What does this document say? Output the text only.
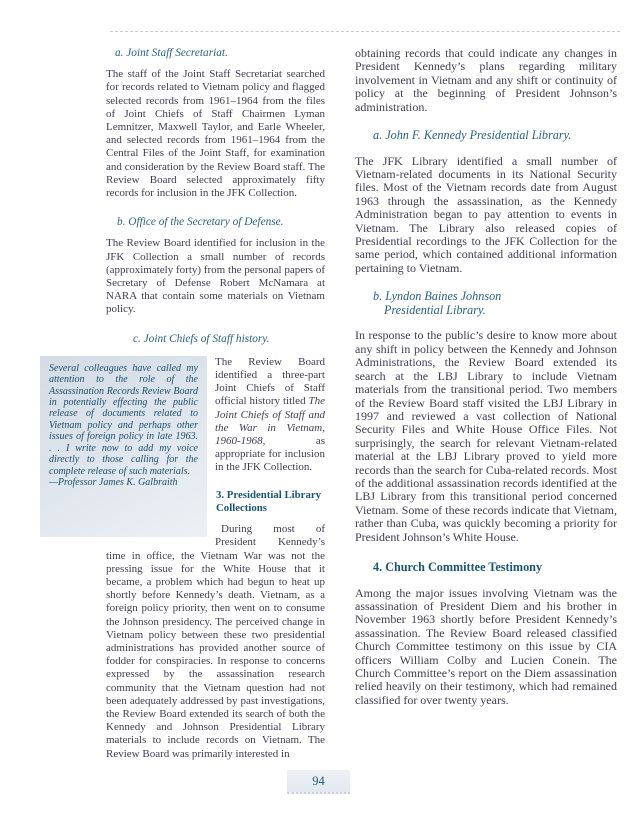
a. Joint Staff Secretariat.

The staff of the Joint Staff Secretariat searched for records related to Vietnam policy and flagged selected records from 1961–1964 from the files of Joint Chiefs of Staff Chairmen Lyman Lemnitzer, Maxwell Taylor, and Earle Wheeler, and selected records from 1961–1964 from the Central Files of the Joint Staff, for examination and consideration by the Review Board staff. The Review Board selected approximately fifty records for inclusion in the JFK Collection.

b. Office of the Secretary of Defense.

The Review Board identified for inclusion in the JFK Collection a small number of records (approximately forty) from the personal papers of Secretary of Defense Robert McNamara at NARA that contain some materials on Vietnam policy.

c. Joint Chiefs of Staff history.

Several colleagues have called my attention to the role of the Assassination Records Review Board in potentially effecting the public release of documents related to Vietnam policy and perhaps other issues of foreign policy in late 1963. . . I write now to add my voice directly to those calling for the complete release of such materials.

—Professor James K. Galbraith

The Review Board identified a three-part Joint Chiefs of Staff official history titled The Joint Chiefs of Staff and the War in Vietnam, 1960-1968, as appropriate for inclusion in the JFK Collection.

3. Presidential Library Collections

During most of President Kennedy’s time in office, the Vietnam War was not the pressing issue for the White House that it became, a problem which had begun to heat up shortly before Kennedy’s death. Vietnam, as a foreign policy priority, then went on to consume the Johnson presidency. The perceived change in Vietnam policy between these two presidential administrations has provided another source of fodder for conspiracies. In response to concerns expressed by the assassination research community that the Vietnam question had not been adequately addressed by past investigations, the Review Board extended its search of both the Kennedy and Johnson Presidential Library materials to include records on Vietnam. The Review Board was primarily interested in

obtaining records that could indicate any changes in President Kennedy’s plans regarding military involvement in Vietnam and any shift or continuity of policy at the beginning of President Johnson’s administration.

a. John F. Kennedy Presidential Library.

The JFK Library identified a small number of Vietnam-related documents in its National Security files. Most of the Vietnam records date from August 1963 through the assassination, as the Kennedy Administration began to pay attention to events in Vietnam. The Library also released copies of Presidential recordings to the JFK Collection for the same period, which contained additional information pertaining to Vietnam.

b. Lyndon Baines Johnson
Presidential Library.

In response to the public’s desire to know more about any shift in policy between the Kennedy and Johnson Administrations, the Review Board extended its search at the LBJ Library to include Vietnam materials from the transitional period. Two members of the Review Board staff visited the LBJ Library in 1997 and reviewed a vast collection of National Security Files and White House Office Files. Not surprisingly, the search for relevant Vietnam-related material at the LBJ Library proved to yield more records than the search for Cuba-related records. Most of the additional assassination records identified at the LBJ Library from this transitional period concerned Vietnam. Some of these records indicate that Vietnam, rather than Cuba, was quickly becoming a priority for President Johnson’s White House.

4. Church Committee Testimony

Among the major issues involving Vietnam was the assassination of President Diem and his brother in November 1963 shortly before President Kennedy’s assassination. The Review Board released classified Church Committee testimony on this issue by CIA officers William Colby and Lucien Conein. The Church Committee’s report on the Diem assassination relied heavily on their testimony, which had remained classified for over twenty years.

94
